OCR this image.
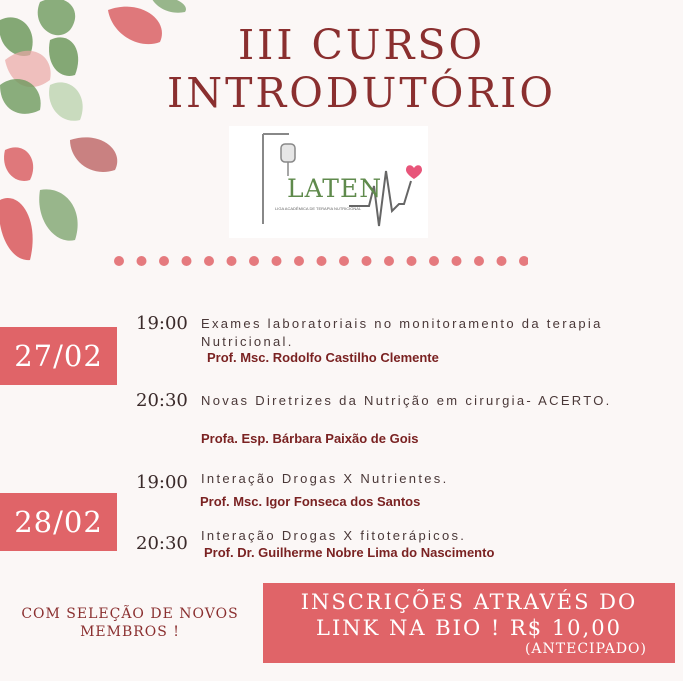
III CURSO
INTRODUTÓRIO
LATEN
LIGA ACADÊMICA DE TERAPIA NUTRICIONAL
27/02
28/02
19:00 Exames laboratoriais no monitoramento da terapia Nutricional.
Prof. Msc. Rodolfo Castilho Clemente
20:30 Novas Diretrizes da Nutrição em cirurgia- ACERTO.
Profa. Esp. Bárbara Paixão de Gois
19:00 Interação Drogas X Nutrientes.
Prof. Msc. Igor Fonseca dos Santos
20:30 Interação Drogas X fitoterápicos.
Prof. Dr. Guilherme Nobre Lima do Nascimento
COM SELEÇÃO DE NOVOS
MEMBROS !
INSCRIÇÕES ATRAVÉS DO
LINK NA BIO ! R$ 10,00
(ANTECIPADO)
